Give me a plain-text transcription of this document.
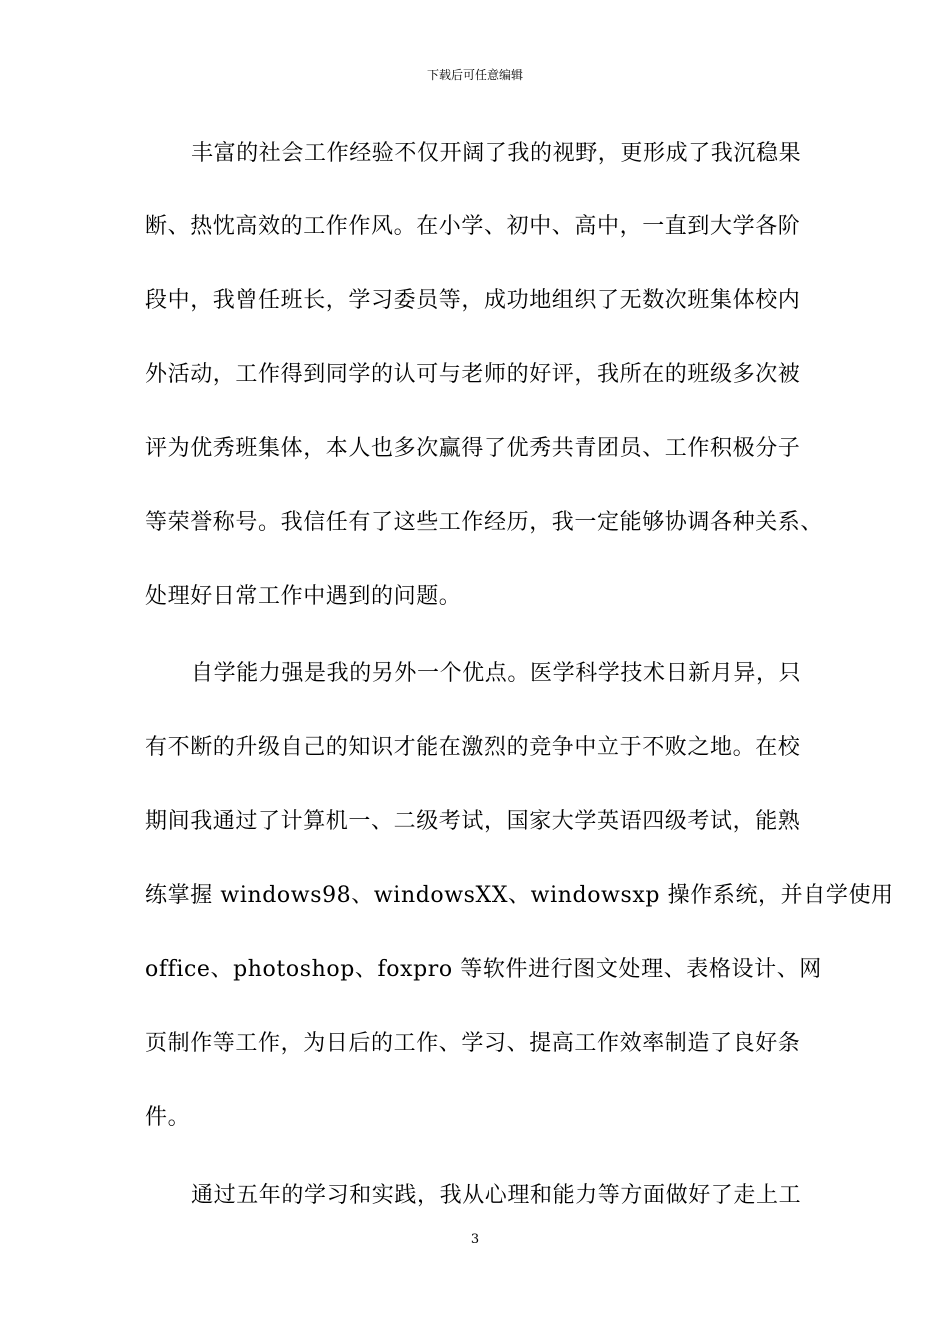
下载后可任意编辑
丰富的社会工作经验不仅开阔了我的视野，更形成了我沉稳果
断、热忱高效的工作作风。在小学、初中、高中，一直到大学各阶
段中，我曾任班长，学习委员等，成功地组织了无数次班集体校内
外活动，工作得到同学的认可与老师的好评，我所在的班级多次被
评为优秀班集体，本人也多次赢得了优秀共青团员、工作积极分子
等荣誉称号。我信任有了这些工作经历，我一定能够协调各种关系、
处理好日常工作中遇到的问题。
自学能力强是我的另外一个优点。医学科学技术日新月异，只
有不断的升级自己的知识才能在激烈的竞争中立于不败之地。在校
期间我通过了计算机一、二级考试，国家大学英语四级考试，能熟
练掌握 windows98、windowsXX、windowsxp 操作系统，并自学使用
office、photoshop、foxpro 等软件进行图文处理、表格设计、网
页制作等工作，为日后的工作、学习、提高工作效率制造了良好条
件。
通过五年的学习和实践，我从心理和能力等方面做好了走上工
3
